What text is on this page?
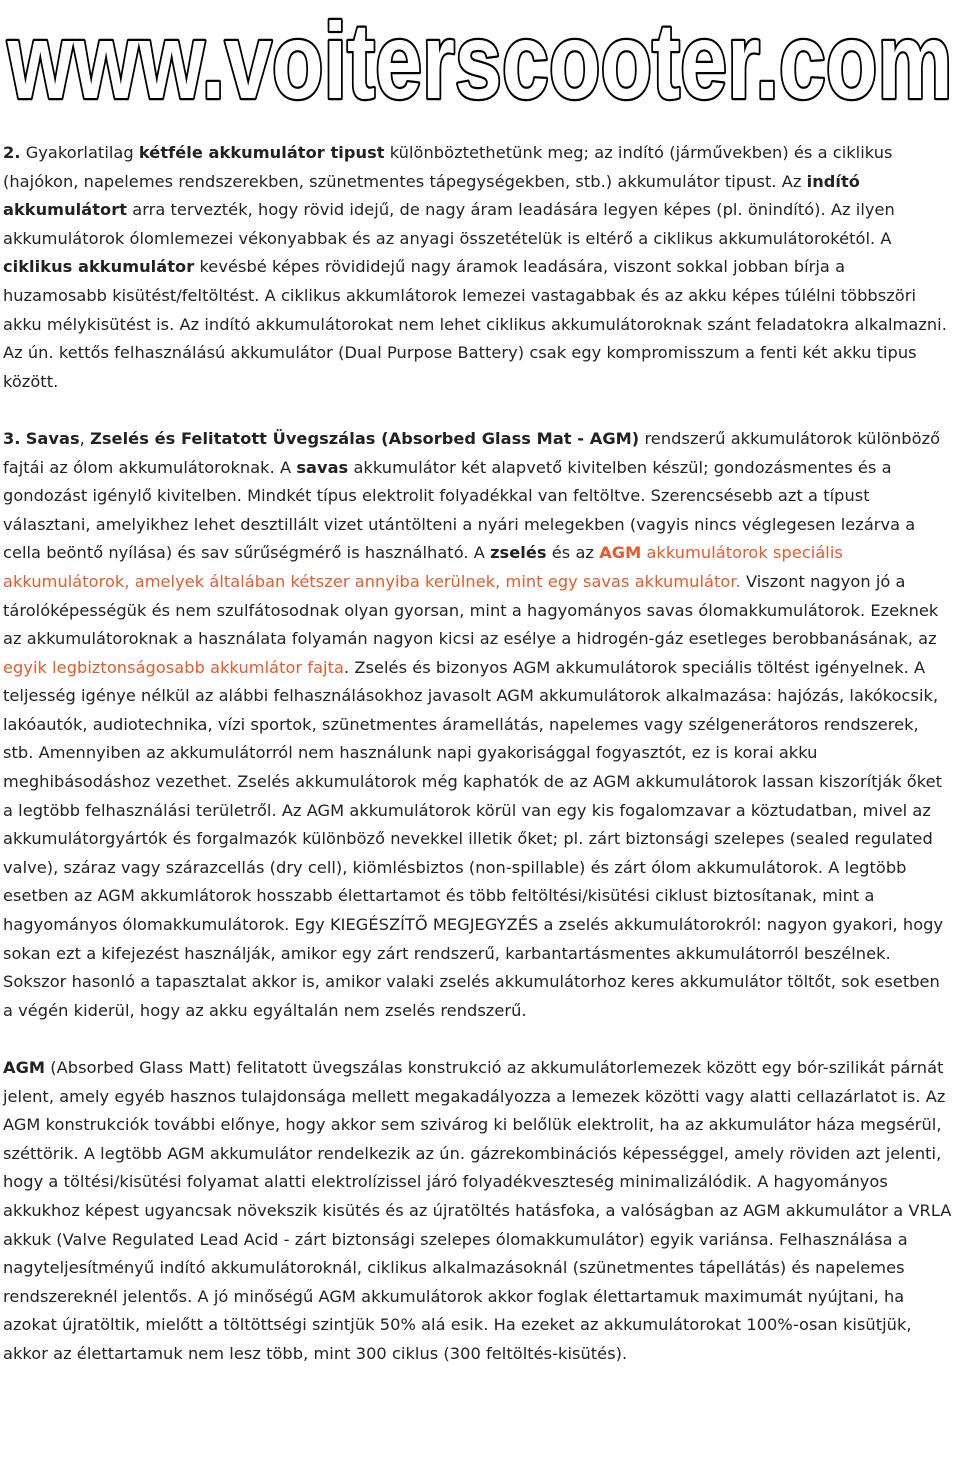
www.voiterscooter.com

2. Gyakorlatilag kétféle akkumulátor tipust különböztethetünk meg; az indító (járművekben) és a ciklikus (hajókon, napelemes rendszerekben, szünetmentes tápegységekben, stb.) akkumulátor tipust. Az indító akkumulátort arra tervezték, hogy rövid idejű, de nagy áram leadására legyen képes (pl. önindító). Az ilyen akkumulátorok ólomlemezei vékonyabbak és az anyagi összetételük is eltérő a ciklikus akkumulátorokétól. A ciklikus akkumulátor kevésbé képes rövididejű nagy áramok leadására, viszont sokkal jobban bírja a huzamosabb kisütést/feltöltést. A ciklikus akkumlátorok lemezei vastagabbak és az akku képes túlélni többszöri akku mélykisütést is. Az indító akkumulátorokat nem lehet ciklikus akkumulátoroknak szánt feladatokra alkalmazni. Az ún. kettős felhasználású akkumulátor (Dual Purpose Battery) csak egy kompromisszum a fenti két akku tipus között.

3. Savas, Zselés és Felitatott Üvegszálas (Absorbed Glass Mat - AGM) rendszerű akkumulátorok különböző fajtái az ólom akkumulátoroknak. A savas akkumulátor két alapvető kivitelben készül; gondozásmentes és a gondozást igénylő kivitelben. Mindkét típus elektrolit folyadékkal van feltöltve. Szerencsésebb azt a típust választani, amelyikhez lehet desztillált vizet utántölteni a nyári melegekben (vagyis nincs véglegesen lezárva a cella beöntő nyílása) és sav sűrűségmérő is használható. A zselés és az AGM akkumulátorok speciális akkumulátorok, amelyek általában kétszer annyiba kerülnek, mint egy savas akkumulátor. Viszont nagyon jó a tárolóképességük és nem szulfátosodnak olyan gyorsan, mint a hagyományos savas ólomakkumulátorok. Ezeknek az akkumulátoroknak a használata folyamán nagyon kicsi az esélye a hidrogén-gáz esetleges berobbanásának, az egyik legbiztonságosabb akkumlátor fajta. Zselés és bizonyos AGM akkumulátorok speciális töltést igényelnek. A teljesség igénye nélkül az alábbi felhasználásokhoz javasolt AGM akkumulátorok alkalmazása: hajózás, lakókocsik, lakóautók, audiotechnika, vízi sportok, szünetmentes áramellátás, napelemes vagy szélgenerátoros rendszerek, stb. Amennyiben az akkumulátorról nem használunk napi gyakorisággal fogyasztót, ez is korai akku meghibásodáshoz vezethet. Zselés akkumulátorok még kaphatók de az AGM akkumulátorok lassan kiszorítják őket a legtöbb felhasználási területről. Az AGM akkumulátorok körül van egy kis fogalomzavar a köztudatban, mivel az akkumulátorgyártók és forgalmazók különböző nevekkel illetik őket; pl. zárt biztonsági szelepes (sealed regulated valve), száraz vagy szárazcellás (dry cell), kiömlésbiztos (non-spillable) és zárt ólom akkumulátorok. A legtöbb esetben az AGM akkumlátorok hosszabb élettartamot és több feltöltési/kisütési ciklust biztosítanak, mint a hagyományos ólomakkumulátorok. Egy KIEGÉSZÍTŐ MEGJEGYZÉS a zselés akkumulátorokról: nagyon gyakori, hogy sokan ezt a kifejezést használják, amikor egy zárt rendszerű, karbantartásmentes akkumulátorról beszélnek. Sokszor hasonló a tapasztalat akkor is, amikor valaki zselés akkumulátorhoz keres akkumulátor töltőt, sok esetben a végén kiderül, hogy az akku egyáltalán nem zselés rendszerű.

AGM (Absorbed Glass Matt) felitatott üvegszálas konstrukció az akkumulátorlemezek között egy bór-szilikát párnát jelent, amely egyéb hasznos tulajdonsága mellett megakadályozza a lemezek közötti vagy alatti cellazárlatot is. Az AGM konstrukciók további előnye, hogy akkor sem szivárog ki belőlük elektrolit, ha az akkumulátor háza megsérül, széttörik. A legtöbb AGM akkumulátor rendelkezik az ún. gázrekombinációs képességgel, amely röviden azt jelenti, hogy a töltési/kisütési folyamat alatti elektrolízissel járó folyadékveszteség minimalizálódik. A hagyományos akkukhoz képest ugyancsak növekszik kisütés és az újratöltés hatásfoka, a valóságban az AGM akkumulátor a VRLA akkuk (Valve Regulated Lead Acid - zárt biztonsági szelepes ólomakkumulátor) egyik variánsa. Felhasználása a nagyteljesítményű indító akkumulátoroknál, ciklikus alkalmazásoknál (szünetmentes tápellátás) és napelemes rendszereknél jelentős. A jó minőségű AGM akkumulátorok akkor foglak élettartamuk maximumát nyújtani, ha azokat újratöltik, mielőtt a töltöttségi szintjük 50% alá esik. Ha ezeket az akkumulátorokat 100%-osan kisütjük, akkor az élettartamuk nem lesz több, mint 300 ciklus (300 feltöltés-kisütés).
